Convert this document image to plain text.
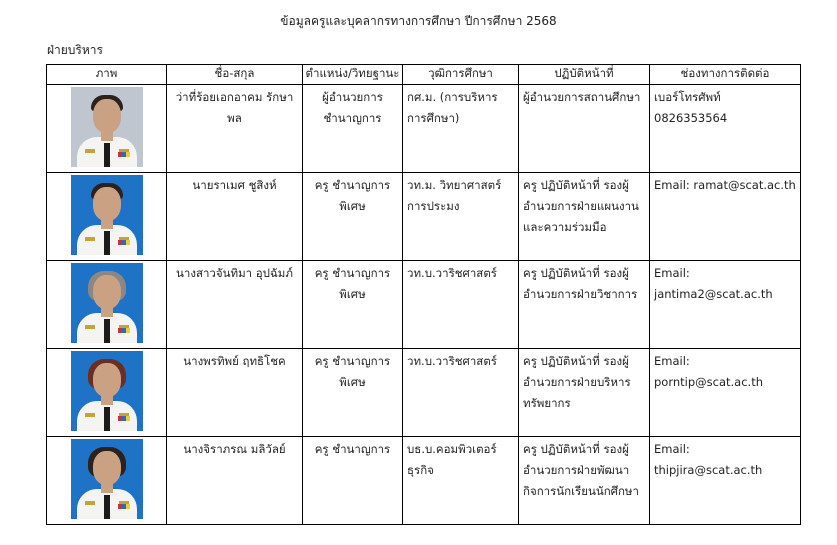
ข้อมูลครูและบุคลากรทางการศึกษา ปีการศึกษา 2568
ฝ่ายบริหาร
ภาพ	ชื่อ-สกุล	ตำแหน่ง/วิทยฐานะ	วุฒิการศึกษา	ปฏิบัติหน้าที่	ช่องทางการติดต่อ

	ว่าที่ร้อยเอกอาคม รักษาพล	ผู้อำนวยการชำนาญการ	กศ.ม. (การบริหารการศึกษา)	ผู้อำนวยการสถานศึกษา	เบอร์โทรศัพท์ 0826353564

	นายราเมศ ชูสิงห์	ครู ชำนาญการพิเศษ	วท.ม. วิทยาศาสตร์การประมง	ครู ปฏิบัติหน้าที่ รองผู้อำนวยการฝ่ายแผนงานและความร่วมมือ	Email: ramat@scat.ac.th

	นางสาวจันทิมา อุปฉัมภ์	ครู ชำนาญการพิเศษ	วท.บ.วาริชศาสตร์	ครู ปฏิบัติหน้าที่ รองผู้อำนวยการฝ่ายวิชาการ	Email: jantima2@scat.ac.th

	นางพรทิพย์ ฤทธิโชค	ครู ชำนาญการพิเศษ	วท.บ.วาริชศาสตร์	ครู ปฏิบัติหน้าที่ รองผู้อำนวยการฝ่ายบริหารทรัพยากร	Email: porntip@scat.ac.th

	นางจิราภรณ มลิวัลย์	ครู ชำนาญการ	บธ.บ.คอมพิวเตอร์ธุรกิจ	ครู ปฏิบัติหน้าที่ รองผู้อำนวยการฝ่ายพัฒนากิจการนักเรียนนักศึกษา	Email: thipjira@scat.ac.th
